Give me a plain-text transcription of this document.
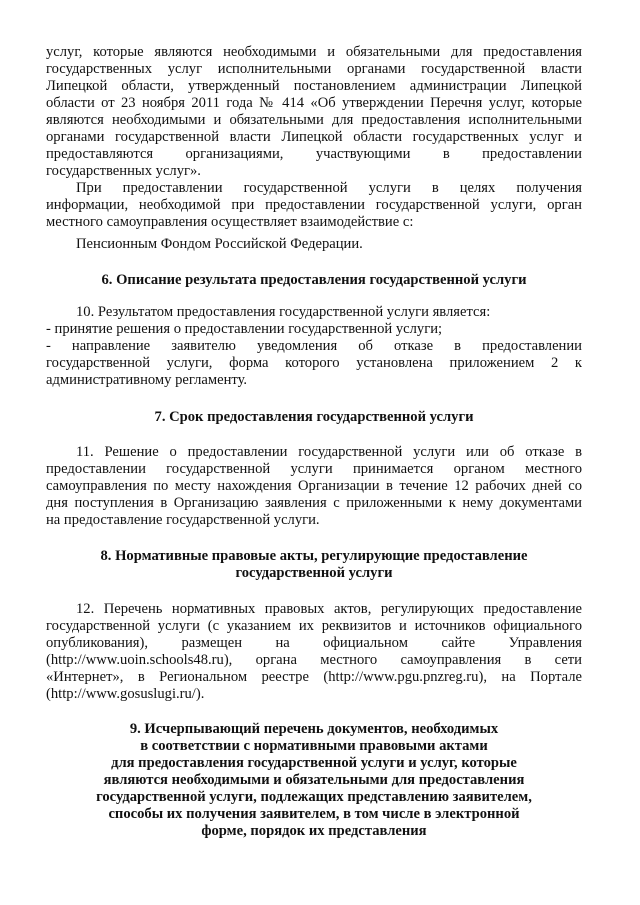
услуг, которые являются необходимыми и обязательными для предоставления
государственных услуг исполнительными органами государственной власти
Липецкой области, утвержденный постановлением администрации Липецкой
области от 23 ноября 2011 года № 414 «Об утверждении Перечня услуг, которые
являются необходимыми и обязательными для предоставления исполнительными
органами государственной власти Липецкой области государственных услуг и
предоставляются организациями, участвующими в предоставлении
государственных услуг».
При предоставлении государственной услуги в целях получения
информации, необходимой при предоставлении государственной услуги, орган
местного самоуправления осуществляет взаимодействие с:
Пенсионным Фондом Российской Федерации.
6. Описание результата предоставления государственной услуги
10. Результатом предоставления государственной услуги является:
- принятие решения о предоставлении государственной услуги;
- направление заявителю уведомления об отказе в предоставлении
государственной услуги, форма которого установлена приложением 2 к
административному регламенту.
7. Срок предоставления государственной услуги
11. Решение о предоставлении государственной услуги или об отказе в
предоставлении государственной услуги принимается органом местного
самоуправления по месту нахождения Организации в течение 12 рабочих дней со
дня поступления в Организацию заявления с приложенными к нему документами
на предоставление государственной услуги.
8. Нормативные правовые акты, регулирующие предоставление
государственной услуги
12. Перечень нормативных правовых актов, регулирующих предоставление
государственной услуги (с указанием их реквизитов и источников официального
опубликования), размещен на официальном сайте Управления
(http://www.uoin.schools48.ru), органа местного самоуправления в сети
«Интернет», в Региональном реестре (http://www.pgu.pnzreg.ru), на Портале
(http://www.gosuslugi.ru/).
9. Исчерпывающий перечень документов, необходимых
в соответствии с нормативными правовыми актами
для предоставления государственной услуги и услуг, которые
являются необходимыми и обязательными для предоставления
государственной услуги, подлежащих представлению заявителем,
способы их получения заявителем, в том числе в электронной
форме, порядок их представления
